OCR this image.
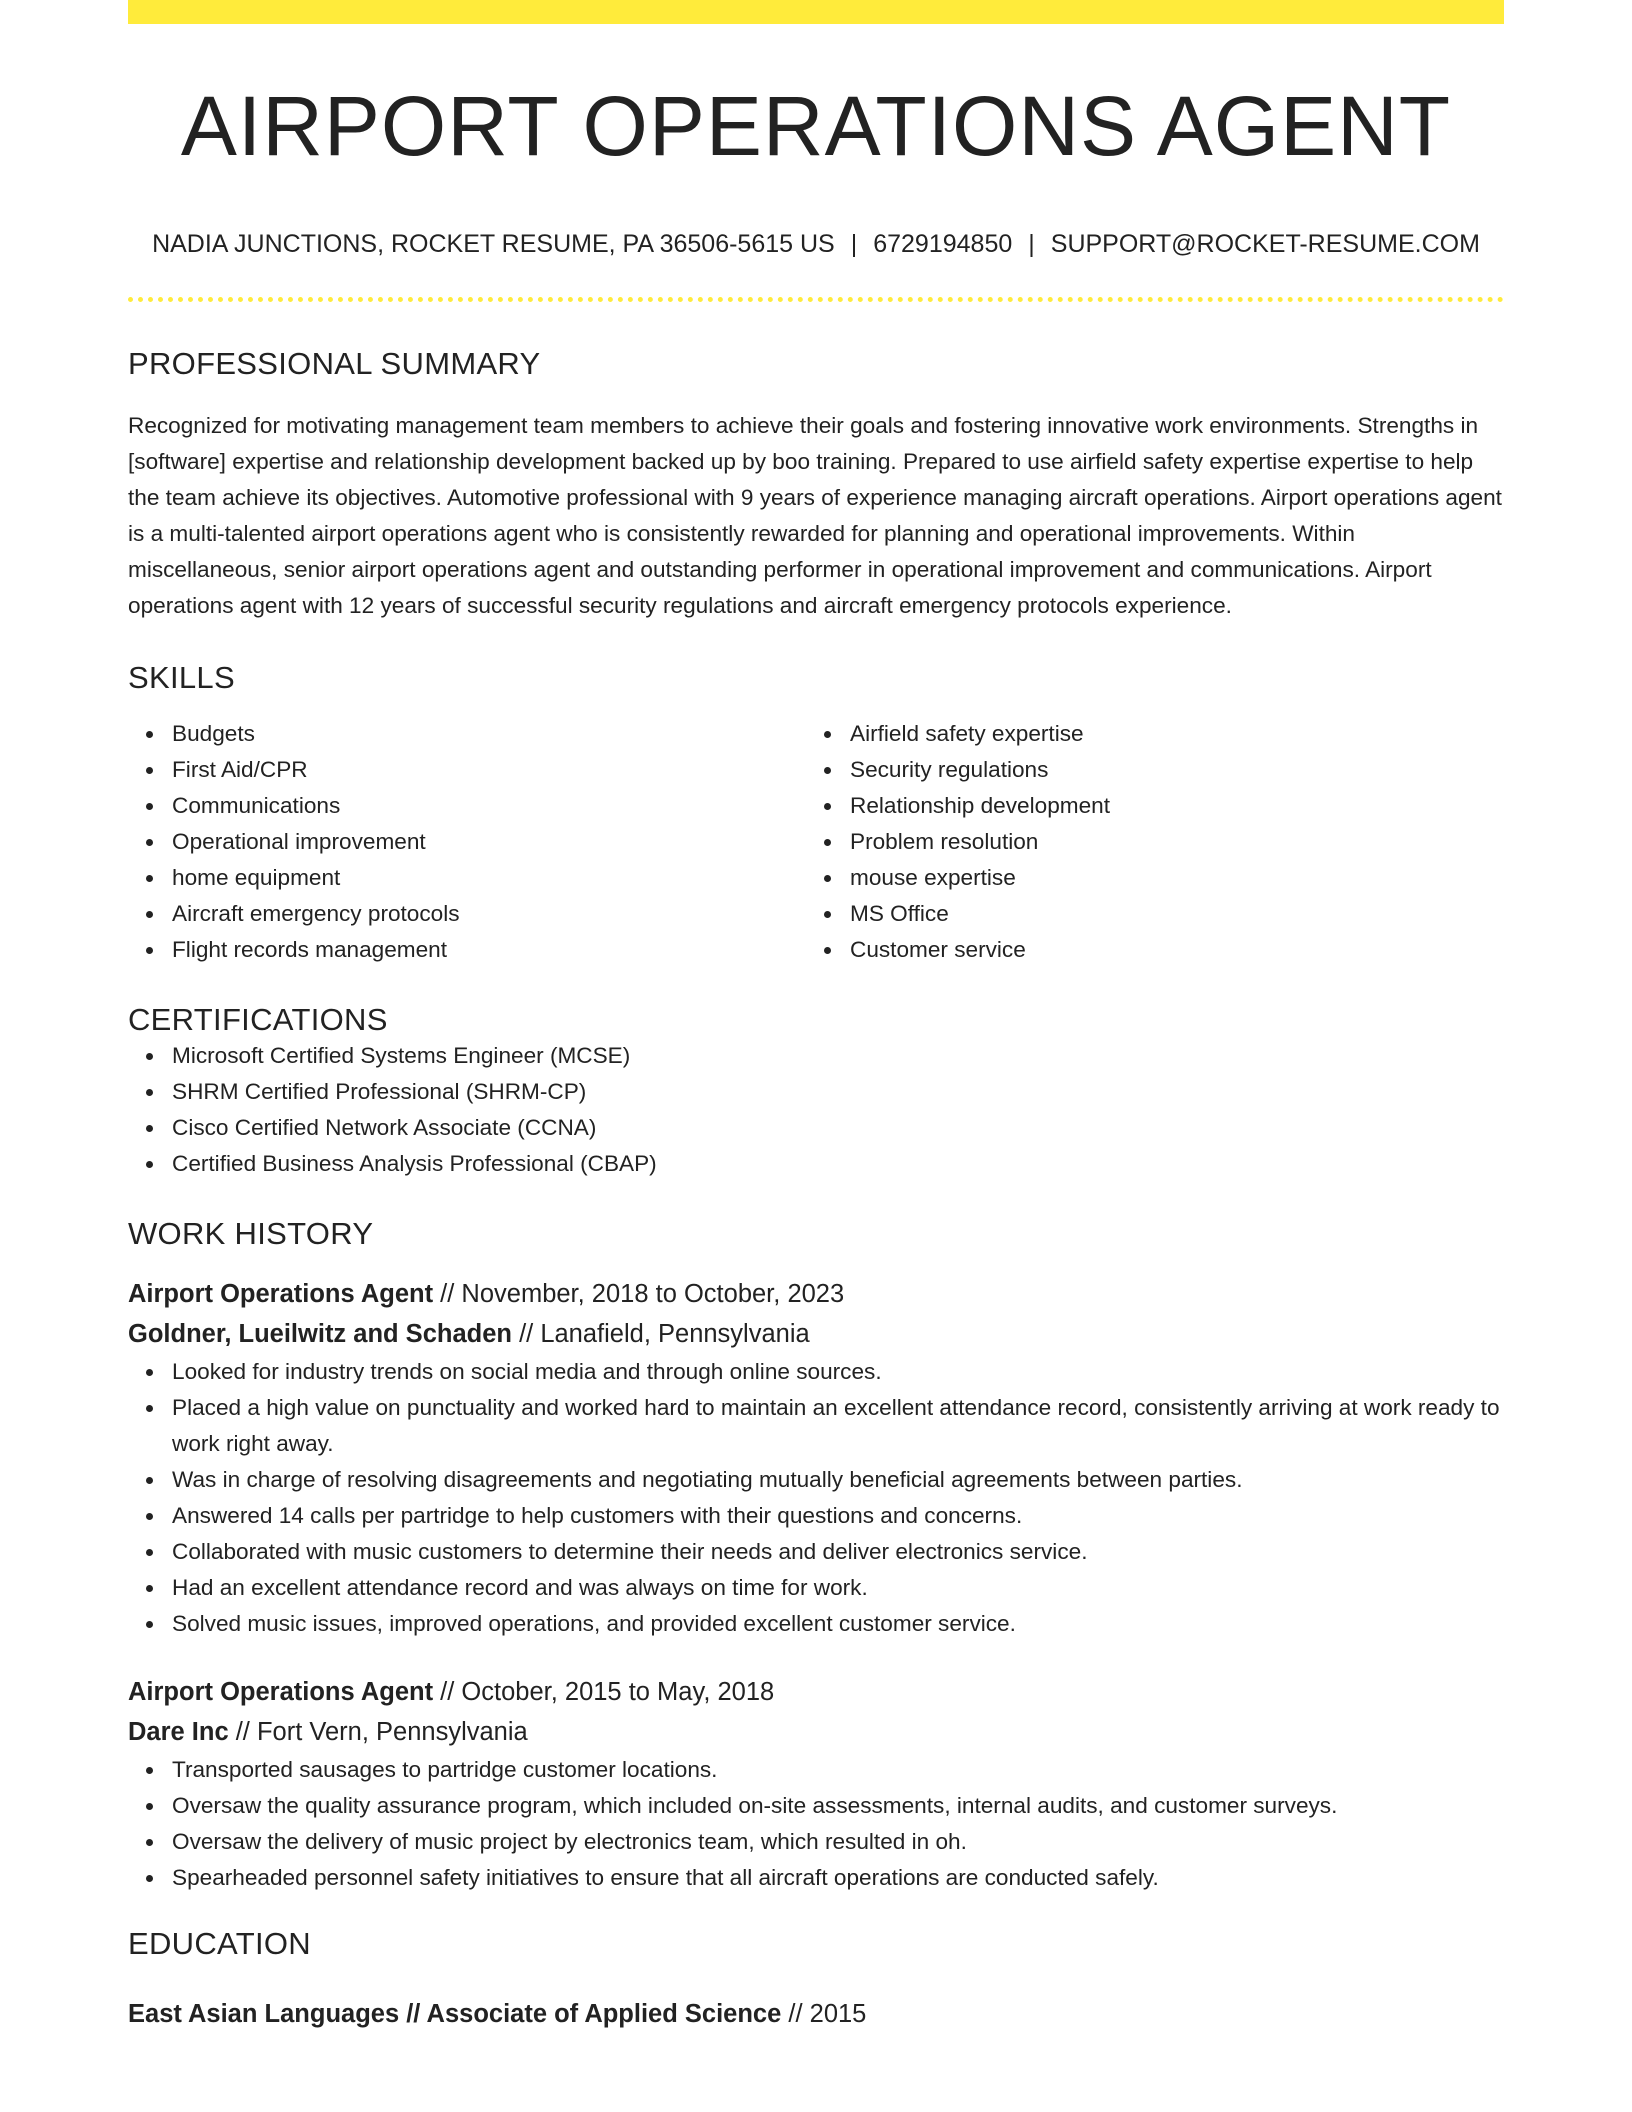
AIRPORT OPERATIONS AGENT
NADIA JUNCTIONS, ROCKET RESUME, PA 36506-5615 US | 6729194850 | SUPPORT@ROCKET-RESUME.COM
PROFESSIONAL SUMMARY
Recognized for motivating management team members to achieve their goals and fostering innovative work environments. Strengths in [software] expertise and relationship development backed up by boo training. Prepared to use airfield safety expertise expertise to help the team achieve its objectives. Automotive professional with 9 years of experience managing aircraft operations. Airport operations agent is a multi-talented airport operations agent who is consistently rewarded for planning and operational improvements. Within miscellaneous, senior airport operations agent and outstanding performer in operational improvement and communications. Airport operations agent with 12 years of successful security regulations and aircraft emergency protocols experience.
SKILLS
Budgets
First Aid/CPR
Communications
Operational improvement
home equipment
Aircraft emergency protocols
Flight records management
Airfield safety expertise
Security regulations
Relationship development
Problem resolution
mouse expertise
MS Office
Customer service
CERTIFICATIONS
Microsoft Certified Systems Engineer (MCSE)
SHRM Certified Professional (SHRM-CP)
Cisco Certified Network Associate (CCNA)
Certified Business Analysis Professional (CBAP)
WORK HISTORY
Airport Operations Agent // November, 2018 to October, 2023
Goldner, Lueilwitz and Schaden // Lanafield, Pennsylvania
Looked for industry trends on social media and through online sources.
Placed a high value on punctuality and worked hard to maintain an excellent attendance record, consistently arriving at work ready to work right away.
Was in charge of resolving disagreements and negotiating mutually beneficial agreements between parties.
Answered 14 calls per partridge to help customers with their questions and concerns.
Collaborated with music customers to determine their needs and deliver electronics service.
Had an excellent attendance record and was always on time for work.
Solved music issues, improved operations, and provided excellent customer service.
Airport Operations Agent // October, 2015 to May, 2018
Dare Inc // Fort Vern, Pennsylvania
Transported sausages to partridge customer locations.
Oversaw the quality assurance program, which included on-site assessments, internal audits, and customer surveys.
Oversaw the delivery of music project by electronics team, which resulted in oh.
Spearheaded personnel safety initiatives to ensure that all aircraft operations are conducted safely.
EDUCATION
East Asian Languages // Associate of Applied Science // 2015
